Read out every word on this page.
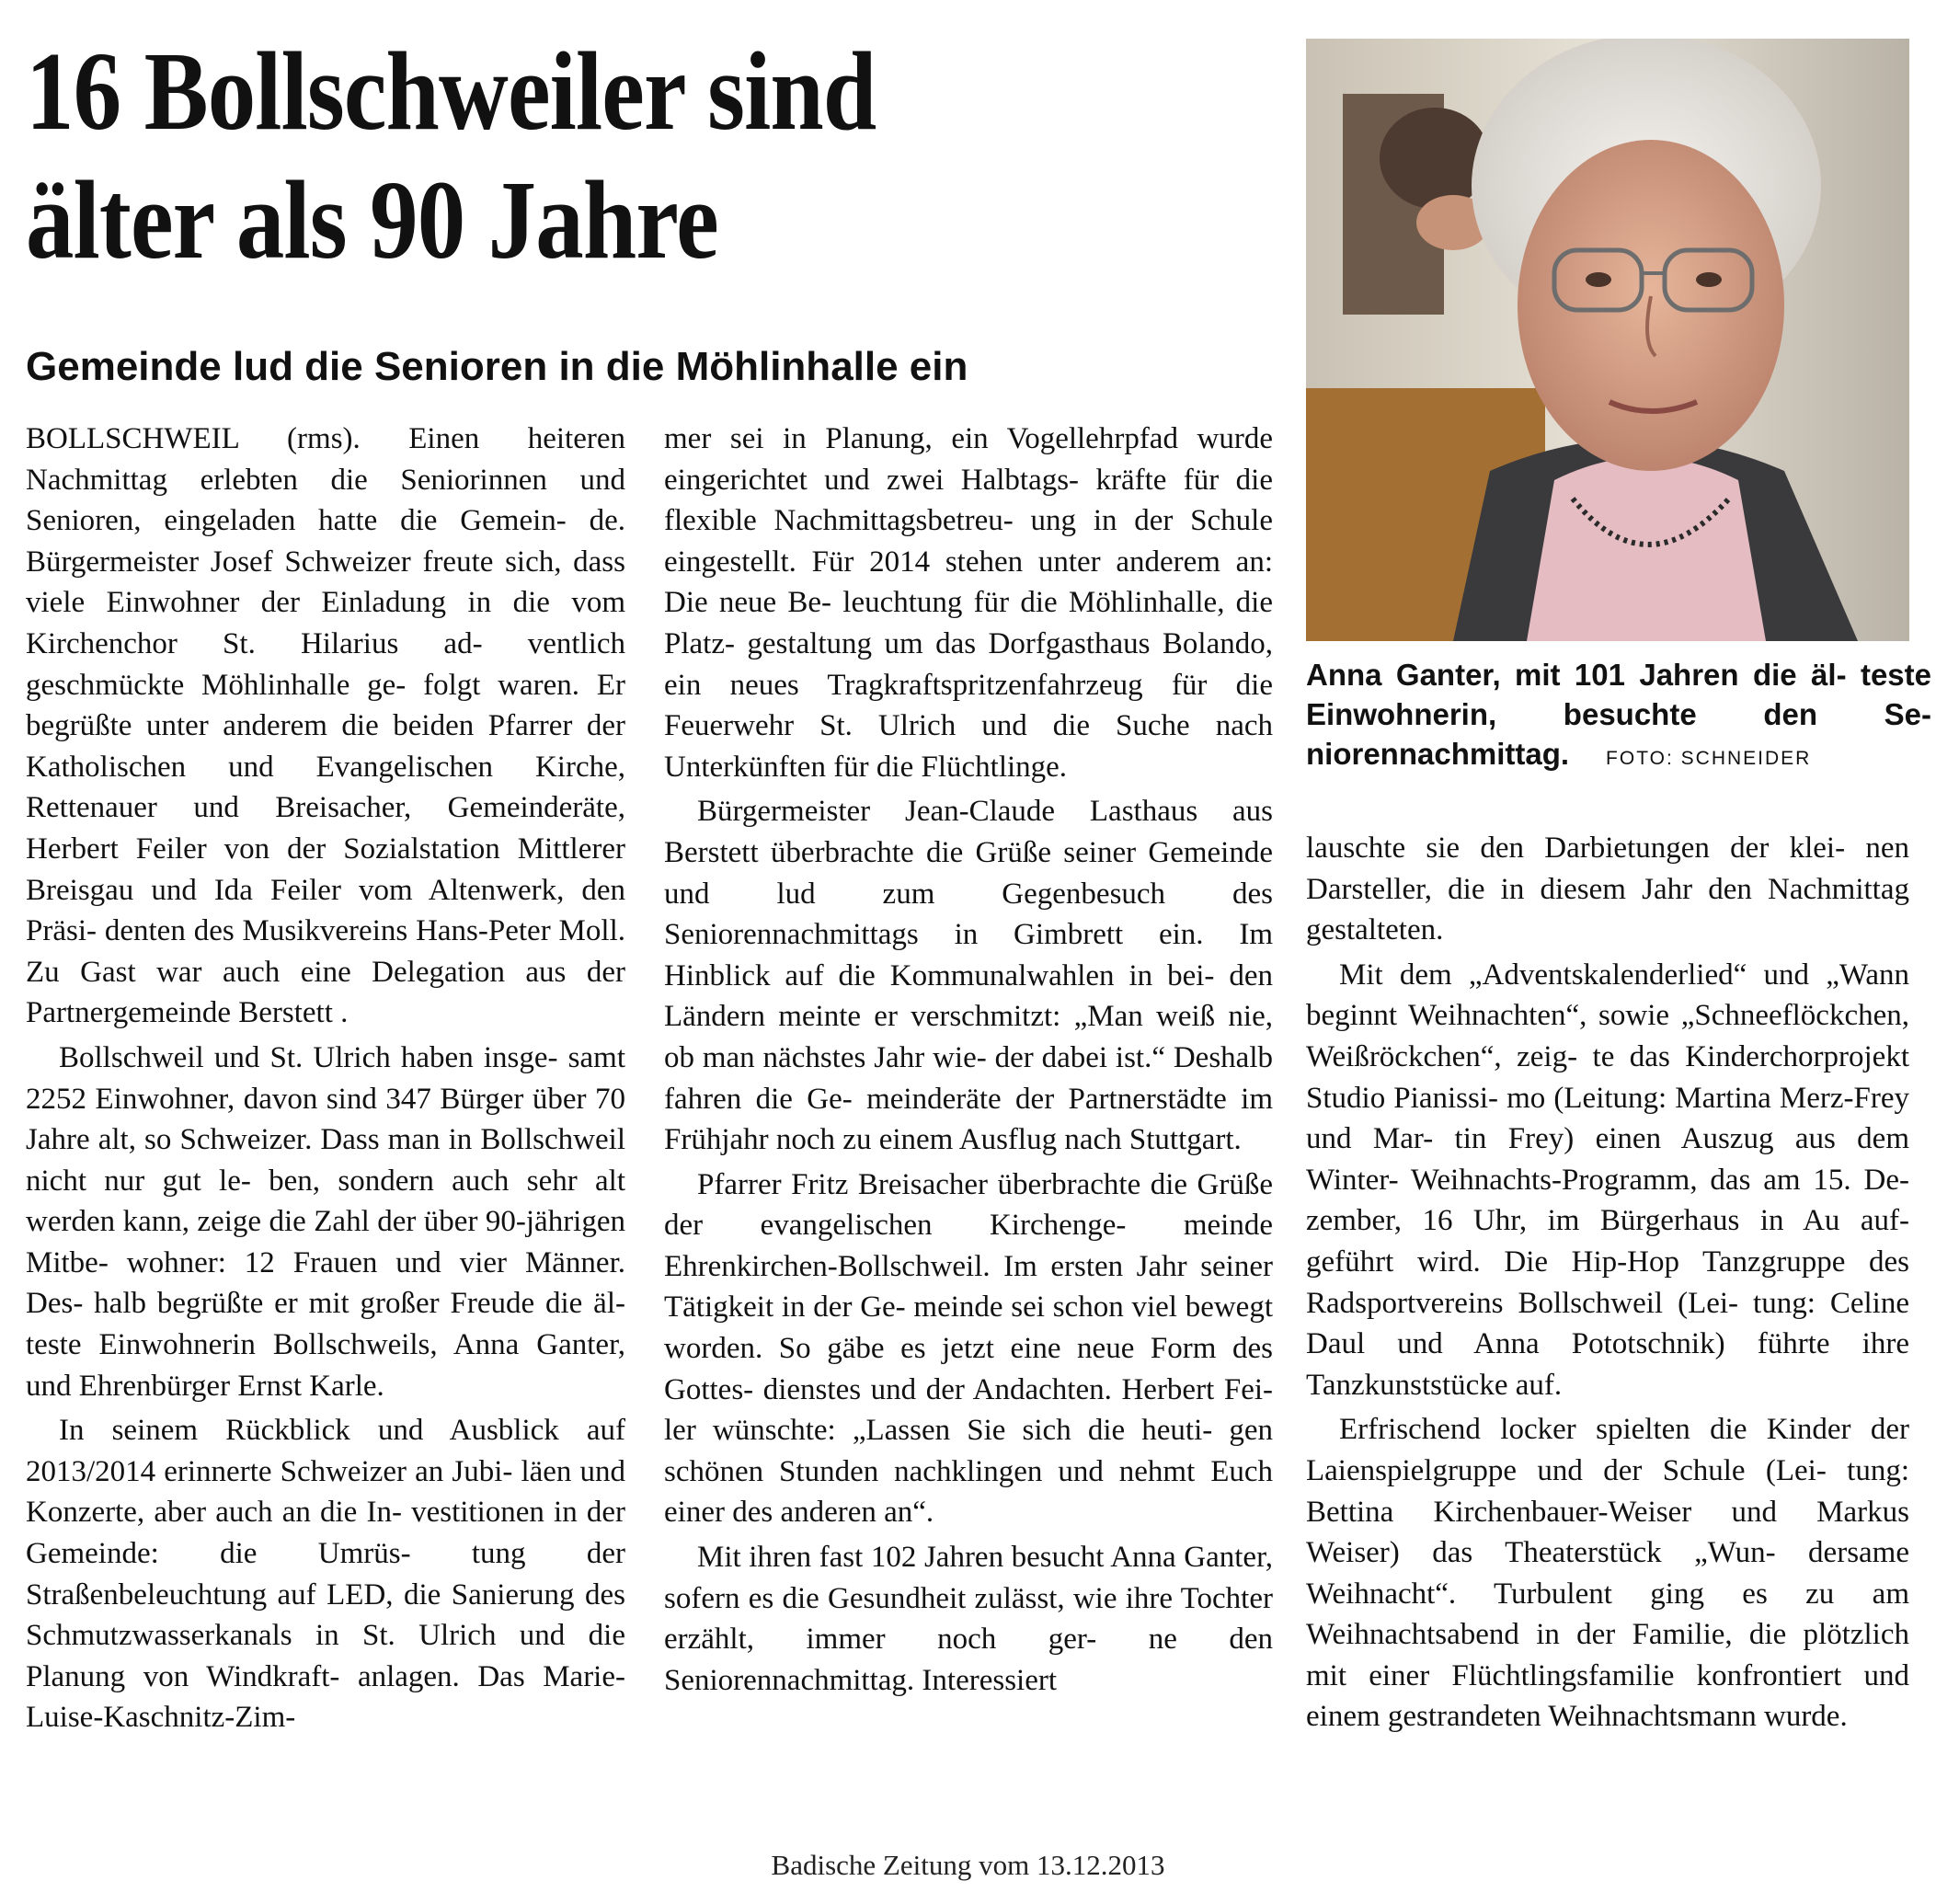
16 Bollschweiler sind
älter als 90 Jahre
Gemeinde lud die Senioren in die Möhlinhalle ein

BOLLSCHWEIL (rms). Einen heiteren Nachmittag erlebten die Seniorinnen und Senioren, eingeladen hatte die Gemein- de. Bürgermeister Josef Schweizer freute sich, dass viele Einwohner der Einladung in die vom Kirchenchor St. Hilarius ad- ventlich geschmückte Möhlinhalle ge- folgt waren. Er begrüßte unter anderem die beiden Pfarrer der Katholischen und Evangelischen Kirche, Rettenauer und Breisacher, Gemeinderäte, Herbert Feiler von der Sozialstation Mittlerer Breisgau und Ida Feiler vom Altenwerk, den Präsi- denten des Musikvereins Hans-Peter Moll. Zu Gast war auch eine Delegation aus der Partnergemeinde Berstett .

Bollschweil und St. Ulrich haben insge- samt 2252 Einwohner, davon sind 347 Bürger über 70 Jahre alt, so Schweizer. Dass man in Bollschweil nicht nur gut le- ben, sondern auch sehr alt werden kann, zeige die Zahl der über 90-jährigen Mitbe- wohner: 12 Frauen und vier Männer. Des- halb begrüßte er mit großer Freude die äl- teste Einwohnerin Bollschweils, Anna Ganter, und Ehrenbürger Ernst Karle.

In seinem Rückblick und Ausblick auf 2013/2014 erinnerte Schweizer an Jubi- läen und Konzerte, aber auch an die In- vestitionen in der Gemeinde: die Umrüs- tung der Straßenbeleuchtung auf LED, die Sanierung des Schmutzwasserkanals in St. Ulrich und die Planung von Windkraft- anlagen. Das Marie-Luise-Kaschnitz-Zim-

mer sei in Planung, ein Vogellehrpfad wurde eingerichtet und zwei Halbtags- kräfte für die flexible Nachmittagsbetreu- ung in der Schule eingestellt. Für 2014 stehen unter anderem an: Die neue Be- leuchtung für die Möhlinhalle, die Platz- gestaltung um das Dorfgasthaus Bolando, ein neues Tragkraftspritzenfahrzeug für die Feuerwehr St. Ulrich und die Suche nach Unterkünften für die Flüchtlinge.

Bürgermeister Jean-Claude Lasthaus aus Berstett überbrachte die Grüße seiner Gemeinde und lud zum Gegenbesuch des Seniorennachmittags in Gimbrett ein. Im Hinblick auf die Kommunalwahlen in bei- den Ländern meinte er verschmitzt: „Man weiß nie, ob man nächstes Jahr wie- der dabei ist.“ Deshalb fahren die Ge- meinderäte der Partnerstädte im Frühjahr noch zu einem Ausflug nach Stuttgart.

Pfarrer Fritz Breisacher überbrachte die Grüße der evangelischen Kirchenge- meinde Ehrenkirchen-Bollschweil. Im ersten Jahr seiner Tätigkeit in der Ge- meinde sei schon viel bewegt worden. So gäbe es jetzt eine neue Form des Gottes- dienstes und der Andachten. Herbert Fei- ler wünschte: „Lassen Sie sich die heuti- gen schönen Stunden nachklingen und nehmt Euch einer des anderen an“.

Mit ihren fast 102 Jahren besucht Anna Ganter, sofern es die Gesundheit zulässt, wie ihre Tochter erzählt, immer noch ger- ne den Seniorennachmittag. Interessiert

Anna Ganter, mit 101 Jahren die äl- teste Einwohnerin, besuchte den Se- niorennachmittag. FOTO: SCHNEIDER

lauschte sie den Darbietungen der klei- nen Darsteller, die in diesem Jahr den Nachmittag gestalteten.

Mit dem „Adventskalenderlied“ und „Wann beginnt Weihnachten“, sowie „Schneeflöckchen, Weißröckchen“, zeig- te das Kinderchorprojekt Studio Pianissi- mo (Leitung: Martina Merz-Frey und Mar- tin Frey) einen Auszug aus dem Winter- Weihnachts-Programm, das am 15. De- zember, 16 Uhr, im Bürgerhaus in Au auf- geführt wird. Die Hip-Hop Tanzgruppe des Radsportvereins Bollschweil (Lei- tung: Celine Daul und Anna Pototschnik) führte ihre Tanzkunststücke auf.

Erfrischend locker spielten die Kinder der Laienspielgruppe und der Schule (Lei- tung: Bettina Kirchenbauer-Weiser und Markus Weiser) das Theaterstück „Wun- dersame Weihnacht“. Turbulent ging es zu am Weihnachtsabend in der Familie, die plötzlich mit einer Flüchtlingsfamilie konfrontiert und einem gestrandeten Weihnachtsmann wurde.

Badische Zeitung vom 13.12.2013
